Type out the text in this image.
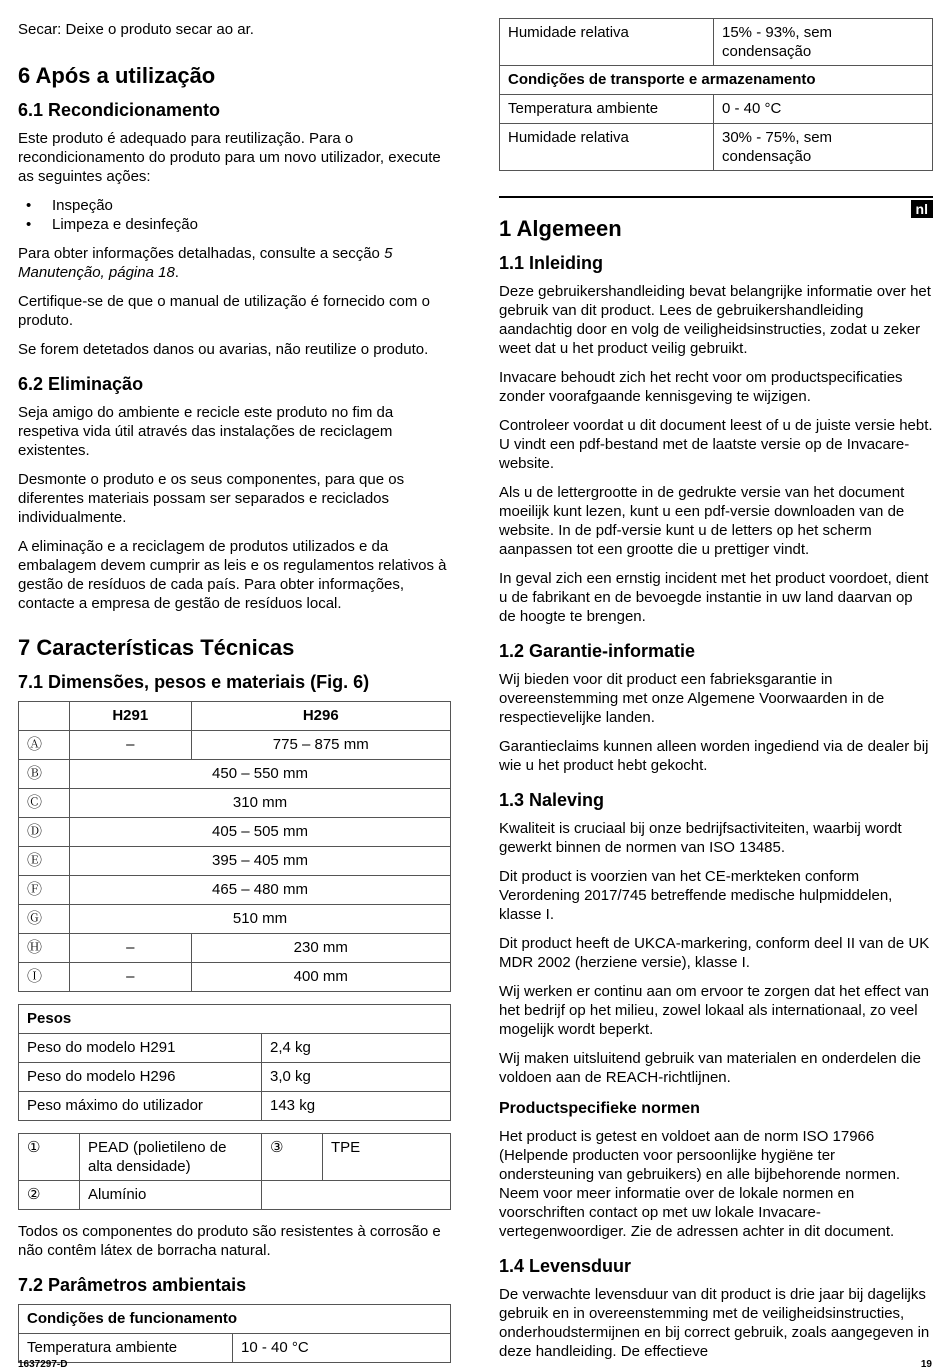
Secar: Deixe o produto secar ao ar.

6 Após a utilização
6.1 Recondicionamento

Este produto é adequado para reutilização. Para o recondicionamento do produto para um novo utilizador, execute as seguintes ações:

• Inspeção
• Limpeza e desinfeção

Para obter informações detalhadas, consulte a secção 5 Manutenção, página 18.

Certifique-se de que o manual de utilização é fornecido com o produto.

Se forem detetados danos ou avarias, não reutilize o produto.

6.2 Eliminação

Seja amigo do ambiente e recicle este produto no fim da respetiva vida útil através das instalações de reciclagem existentes.

Desmonte o produto e os seus componentes, para que os diferentes materiais possam ser separados e reciclados individualmente.

A eliminação e a reciclagem de produtos utilizados e da embalagem devem cumprir as leis e os regulamentos relativos à gestão de resíduos de cada país. Para obter informações, contacte a empresa de gestão de resíduos local.

7 Características Técnicas
7.1 Dimensões, pesos e materiais (Fig. 6)
	H291	H296
Ⓐ	–	775 – 875 mm
Ⓑ	450 – 550 mm	
Ⓒ	310 mm	
Ⓓ	405 – 505 mm	
Ⓔ	395 – 405 mm	
Ⓕ	465 – 480 mm	
Ⓖ	510 mm	
Ⓗ	–	230 mm
Ⓘ	–	400 mm
Pesos	
Peso do modelo H291	2,4 kg
Peso do modelo H296	3,0 kg
Peso máximo do utilizador	143 kg
①	PEAD (polietileno de alta densidade)	③	TPE
②	Alumínio		

Todos os componentes do produto são resistentes à corrosão e não contêm látex de borracha natural.

7.2 Parâmetros ambientais
Condições de funcionamento
Temperatura ambiente	10 - 40 °C
Humidade relativa	15% - 93%, sem condensação
Condições de transporte e armazenamento	
Temperatura ambiente	0 - 40 °C
Humidade relativa	30% - 75%, sem condensação
nl
1 Algemeen
1.1 Inleiding

Deze gebruikershandleiding bevat belangrijke informatie over het gebruik van dit product. Lees de gebruikershandleiding aandachtig door en volg de veiligheidsinstructies, zodat u zeker weet dat u het product veilig gebruikt.

Invacare behoudt zich het recht voor om productspecificaties zonder voorafgaande kennisgeving te wijzigen.

Controleer voordat u dit document leest of u de juiste versie hebt. U vindt een pdf-bestand met de laatste versie op de Invacare-website.

Als u de lettergrootte in de gedrukte versie van het document moeilijk kunt lezen, kunt u een pdf-versie downloaden van de website. In de pdf-versie kunt u de letters op het scherm aanpassen tot een grootte die u prettiger vindt.

In geval zich een ernstig incident met het product voordoet, dient u de fabrikant en de bevoegde instantie in uw land daarvan op de hoogte te brengen.

1.2 Garantie-informatie

Wij bieden voor dit product een fabrieksgarantie in overeenstemming met onze Algemene Voorwaarden in de respectievelijke landen.

Garantieclaims kunnen alleen worden ingediend via de dealer bij wie u het product hebt gekocht.

1.3 Naleving

Kwaliteit is cruciaal bij onze bedrijfsactiviteiten, waarbij wordt gewerkt binnen de normen van ISO 13485.

Dit product is voorzien van het CE-merkteken conform Verordening 2017/745 betreffende medische hulpmiddelen, klasse I.

Dit product heeft de UKCA-markering, conform deel II van de UK MDR 2002 (herziene versie), klasse I.

Wij werken er continu aan om ervoor te zorgen dat het effect van het bedrijf op het milieu, zowel lokaal als internationaal, zo veel mogelijk wordt beperkt.

Wij maken uitsluitend gebruik van materialen en onderdelen die voldoen aan de REACH-richtlijnen.

Productspecifieke normen

Het product is getest en voldoet aan de norm ISO 17966 (Helpende producten voor persoonlijke hygiëne ter ondersteuning van gebruikers) en alle bijbehorende normen. Neem voor meer informatie over de lokale normen en voorschriften contact op met uw lokale Invacare-vertegenwoordiger. Zie de adressen achter in dit document.

1.4 Levensduur

De verwachte levensduur van dit product is drie jaar bij dagelijks gebruik en in overeenstemming met de veiligheidsinstructies, onderhoudstermijnen en bij correct gebruik, zoals aangegeven in deze handleiding. De effectieve

1637297-D	19
